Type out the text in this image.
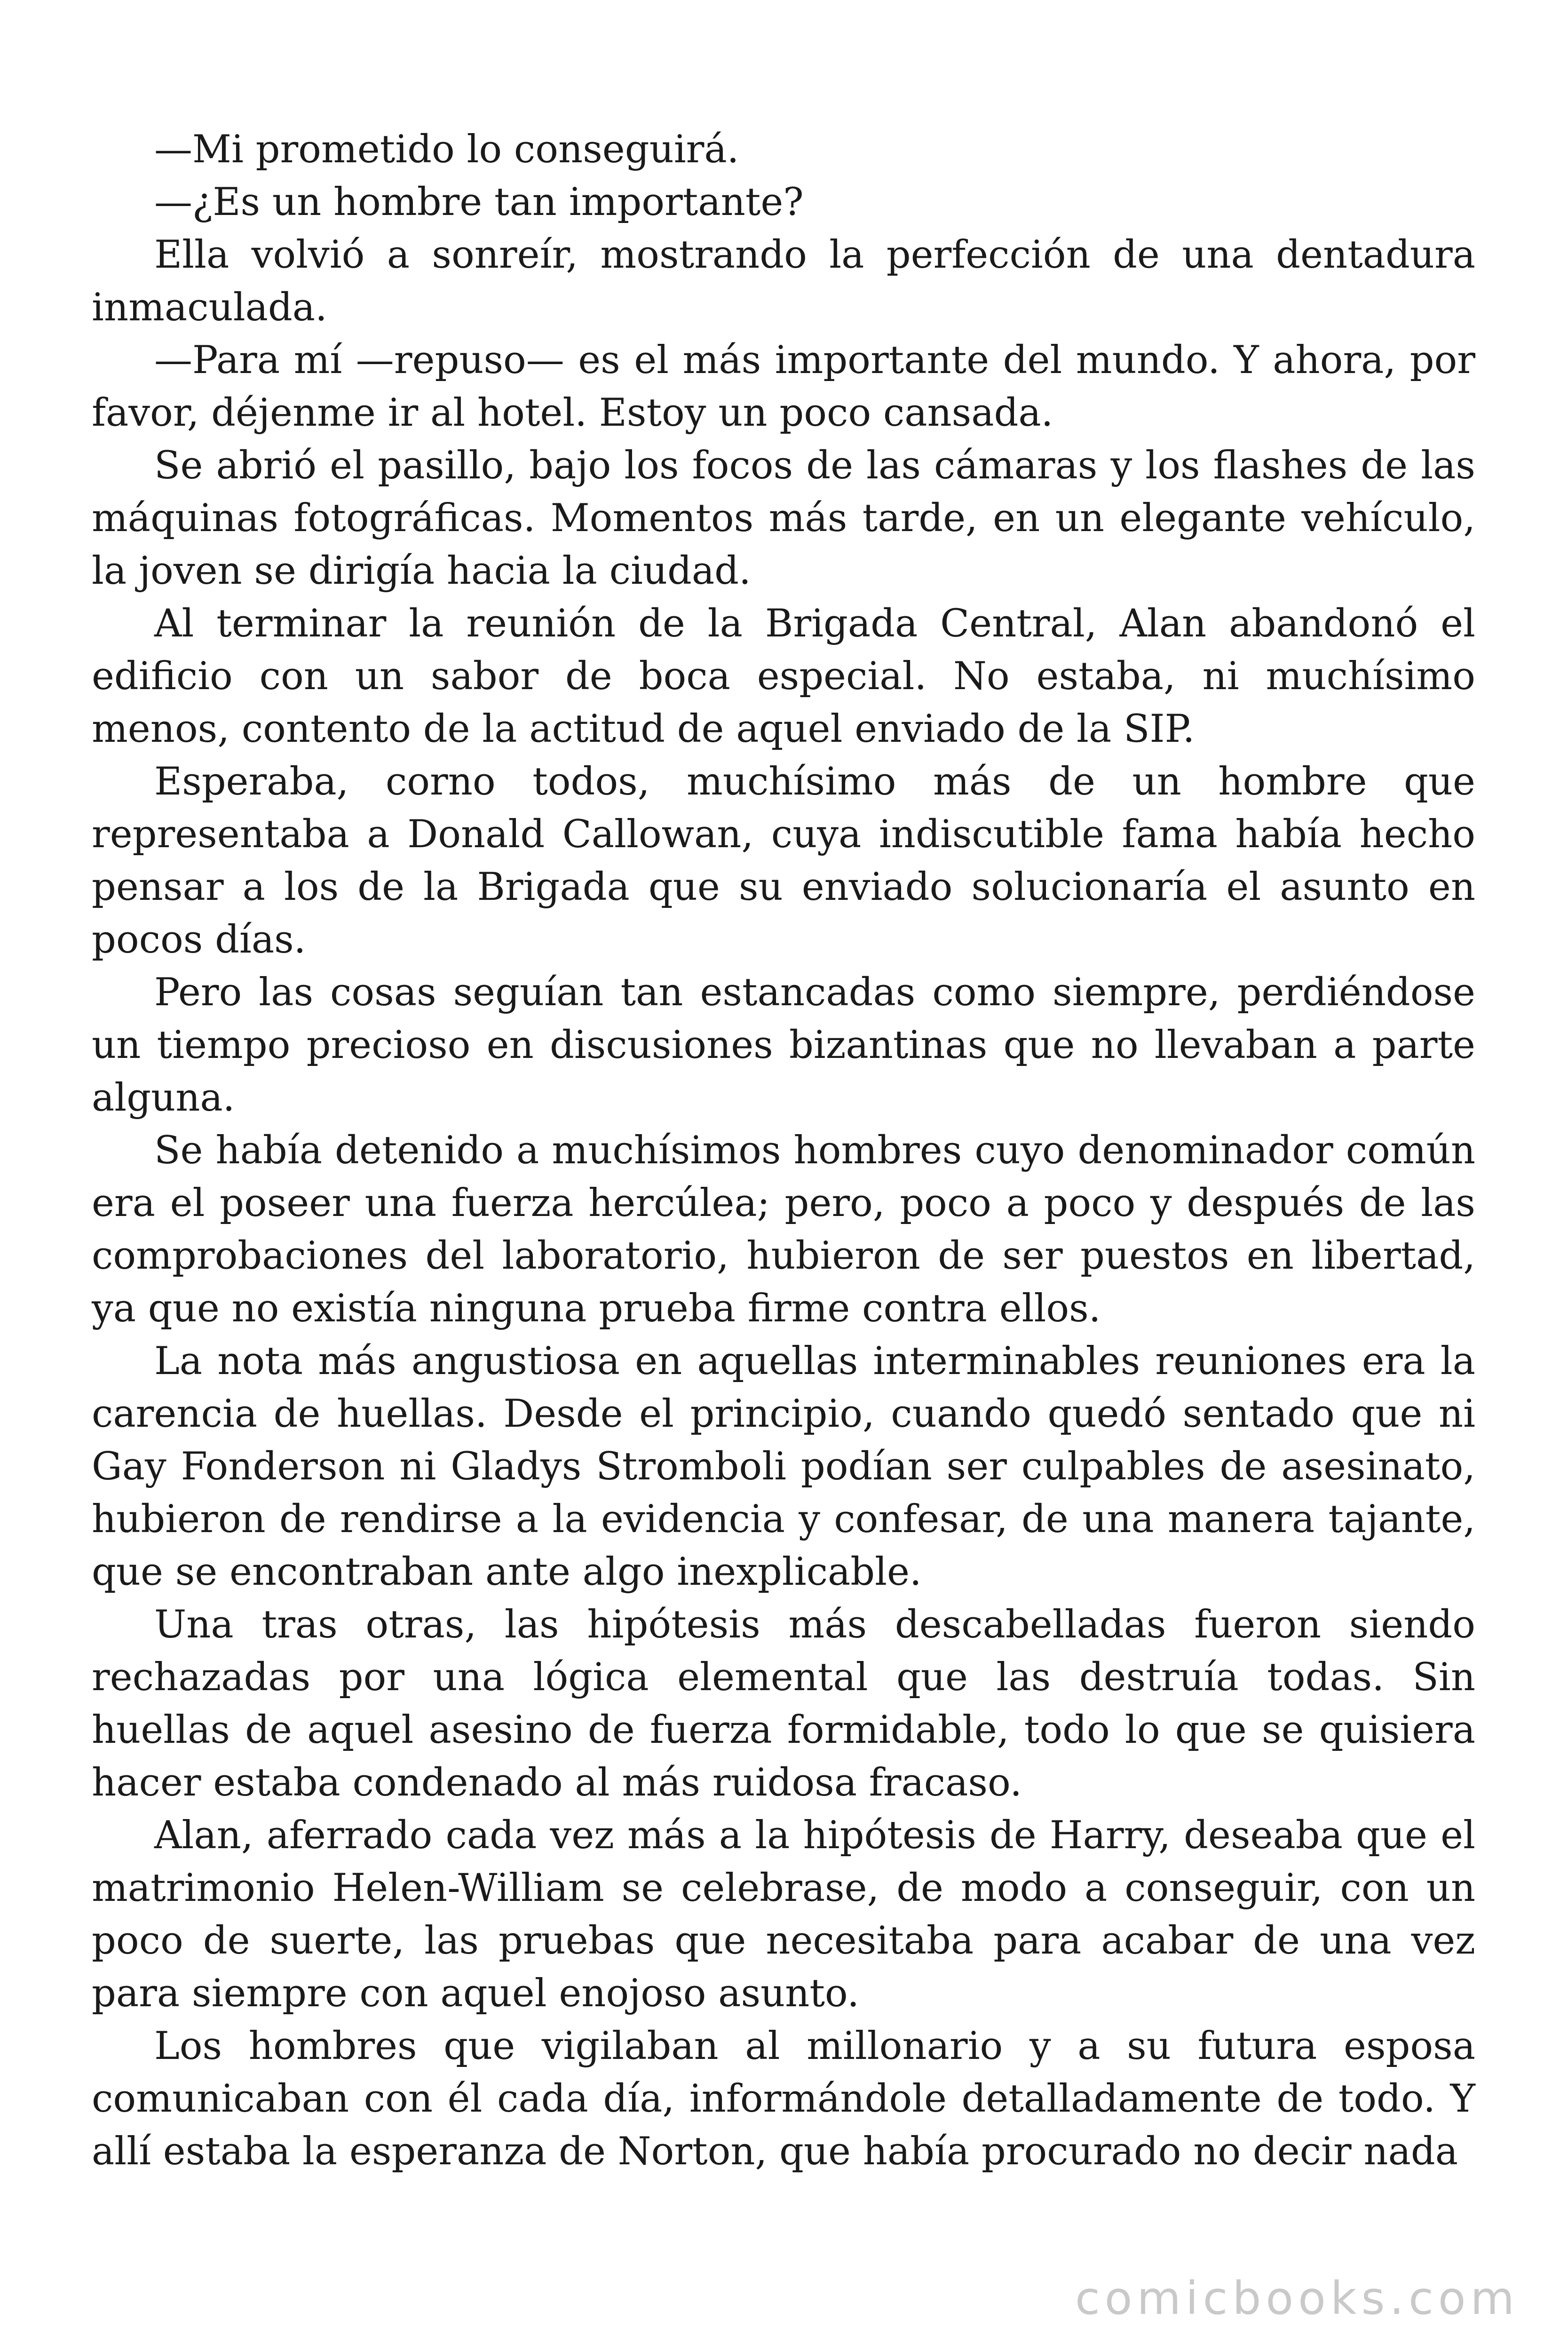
—Mi prometido lo conseguirá.

—¿Es un hombre tan importante?

Ella volvió a sonreír, mostrando la perfección de una dentadura inmaculada.

—Para mí —repuso— es el más importante del mundo. Y ahora, por favor, déjenme ir al hotel. Estoy un poco cansada.

Se abrió el pasillo, bajo los focos de las cámaras y los flashes de las máquinas fotográficas. Momentos más tarde, en un elegante vehículo, la joven se dirigía hacia la ciudad.

Al terminar la reunión de la Brigada Central, Alan abandonó el edificio con un sabor de boca especial. No estaba, ni muchísimo menos, contento de la actitud de aquel enviado de la SIP.

Esperaba, corno todos, muchísimo más de un hombre que representaba a Donald Callowan, cuya indiscutible fama había hecho pensar a los de la Brigada que su enviado solucionaría el asunto en pocos días.

Pero las cosas seguían tan estancadas como siempre, perdiéndose un tiempo precioso en discusiones bizantinas que no llevaban a parte alguna.

Se había detenido a muchísimos hombres cuyo denominador común era el poseer una fuerza hercúlea; pero, poco a poco y después de las comprobaciones del laboratorio, hubieron de ser puestos en libertad, ya que no existía ninguna prueba firme contra ellos.

La nota más angustiosa en aquellas interminables reuniones era la carencia de huellas. Desde el principio, cuando quedó sentado que ni Gay Fonderson ni Gladys Stromboli podían ser culpables de asesinato, hubieron de rendirse a la evidencia y confesar, de una manera tajante, que se encontraban ante algo inexplicable.

Una tras otras, las hipótesis más descabelladas fueron siendo rechazadas por una lógica elemental que las destruía todas. Sin huellas de aquel asesino de fuerza formidable, todo lo que se quisiera hacer estaba condenado al más ruidosa fracaso.

Alan, aferrado cada vez más a la hipótesis de Harry, deseaba que el matrimonio Helen-William se celebrase, de modo a conseguir, con un poco de suerte, las pruebas que necesitaba para acabar de una vez para siempre con aquel enojoso asunto.

Los hombres que vigilaban al millonario y a su futura esposa comunicaban con él cada día, informándole detalladamente de todo. Y allí estaba la esperanza de Norton, que había procurado no decir nada

comicbooks.com
